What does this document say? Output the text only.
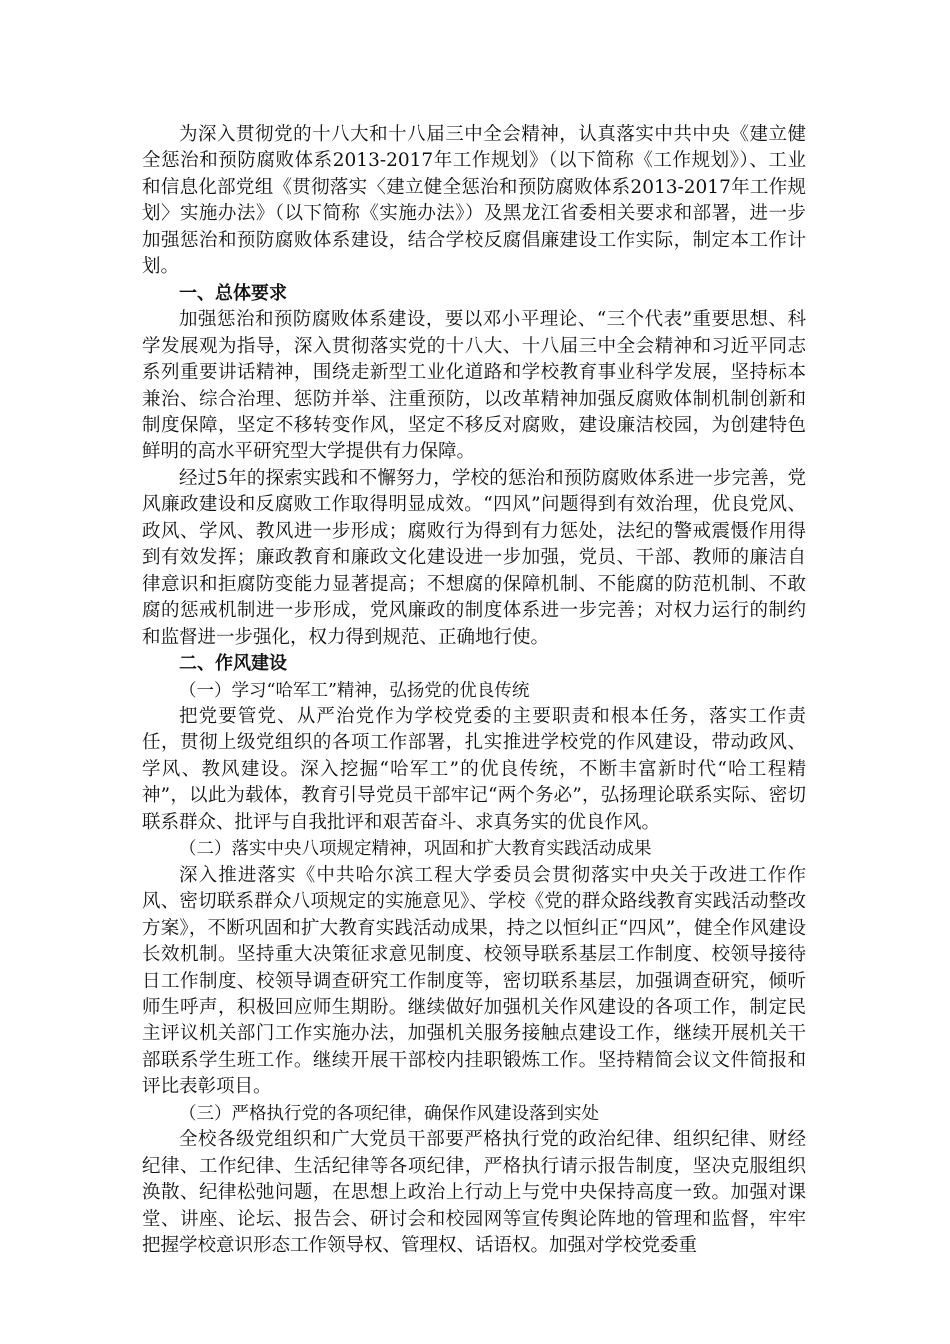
为深入贯彻党的十八大和十八届三中全会精神，认真落实中共中央《建立健全惩治和预防腐败体系2013-2017年工作规划》（以下简称《工作规划》）、工业和信息化部党组《贯彻落实〈建立健全惩治和预防腐败体系2013-2017年工作规划〉实施办法》（以下简称《实施办法》）及黑龙江省委相关要求和部署，进一步加强惩治和预防腐败体系建设，结合学校反腐倡廉建设工作实际，制定本工作计划。

一、总体要求

加强惩治和预防腐败体系建设，要以邓小平理论、“三个代表”重要思想、科学发展观为指导，深入贯彻落实党的十八大、十八届三中全会精神和习近平同志系列重要讲话精神，围绕走新型工业化道路和学校教育事业科学发展，坚持标本兼治、综合治理、惩防并举、注重预防，以改革精神加强反腐败体制机制创新和制度保障，坚定不移转变作风，坚定不移反对腐败，建设廉洁校园，为创建特色鲜明的高水平研究型大学提供有力保障。

经过5年的探索实践和不懈努力，学校的惩治和预防腐败体系进一步完善，党风廉政建设和反腐败工作取得明显成效。“四风”问题得到有效治理，优良党风、政风、学风、教风进一步形成；腐败行为得到有力惩处，法纪的警戒震慑作用得到有效发挥；廉政教育和廉政文化建设进一步加强，党员、干部、教师的廉洁自律意识和拒腐防变能力显著提高；不想腐的保障机制、不能腐的防范机制、不敢腐的惩戒机制进一步形成，党风廉政的制度体系进一步完善；对权力运行的制约和监督进一步强化，权力得到规范、正确地行使。

二、作风建设

（一）学习“哈军工”精神，弘扬党的优良传统

把党要管党、从严治党作为学校党委的主要职责和根本任务，落实工作责任，贯彻上级党组织的各项工作部署，扎实推进学校党的作风建设，带动政风、学风、教风建设。深入挖掘“哈军工”的优良传统，不断丰富新时代“哈工程精神”，以此为载体，教育引导党员干部牢记“两个务必”，弘扬理论联系实际、密切联系群众、批评与自我批评和艰苦奋斗、求真务实的优良作风。

（二）落实中央八项规定精神，巩固和扩大教育实践活动成果

深入推进落实《中共哈尔滨工程大学委员会贯彻落实中央关于改进工作作风、密切联系群众八项规定的实施意见》、学校《党的群众路线教育实践活动整改方案》，不断巩固和扩大教育实践活动成果，持之以恒纠正“四风”，健全作风建设长效机制。坚持重大决策征求意见制度、校领导联系基层工作制度、校领导接待日工作制度、校领导调查研究工作制度等，密切联系基层，加强调查研究，倾听师生呼声，积极回应师生期盼。继续做好加强机关作风建设的各项工作，制定民主评议机关部门工作实施办法，加强机关服务接触点建设工作，继续开展机关干部联系学生班工作。继续开展干部校内挂职锻炼工作。坚持精简会议文件简报和评比表彰项目。

（三）严格执行党的各项纪律，确保作风建设落到实处

全校各级党组织和广大党员干部要严格执行党的政治纪律、组织纪律、财经纪律、工作纪律、生活纪律等各项纪律，严格执行请示报告制度，坚决克服组织涣散、纪律松弛问题，在思想上政治上行动上与党中央保持高度一致。加强对课堂、讲座、论坛、报告会、研讨会和校园网等宣传舆论阵地的管理和监督，牢牢把握学校意识形态工作领导权、管理权、话语权。加强对学校党委重
